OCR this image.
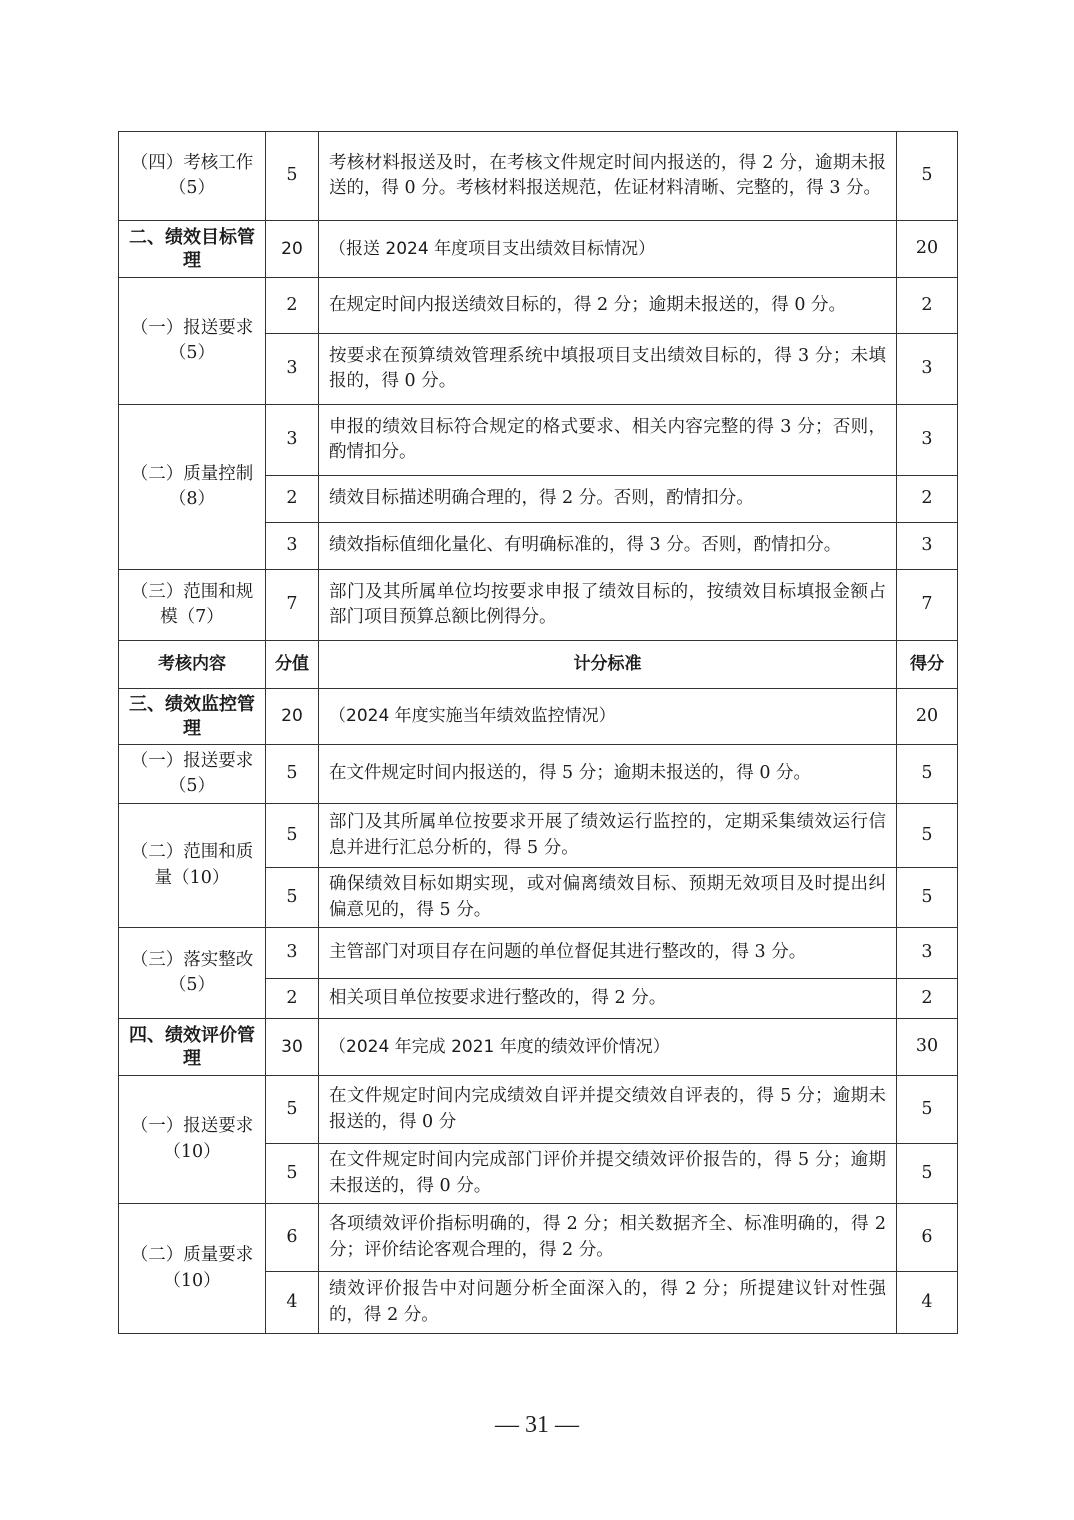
（四）考核工作（5）	5	考核材料报送及时，在考核文件规定时间内报送的，得 2 分，逾期未报送的，得 0 分。考核材料报送规范，佐证材料清晰、完整的，得 3 分。	5
二、绩效目标管理	20	（报送 2024 年度项目支出绩效目标情况）	20
（一）报送要求（5）	2	在规定时间内报送绩效目标的，得 2 分；逾期未报送的，得 0 分。	2
	3	按要求在预算绩效管理系统中填报项目支出绩效目标的，得 3 分；未填报的，得 0 分。	3
（二）质量控制（8）	3	申报的绩效目标符合规定的格式要求、相关内容完整的得 3 分；否则，酌情扣分。	3
	2	绩效目标描述明确合理的，得 2 分。否则，酌情扣分。	2
	3	绩效指标值细化量化、有明确标准的，得 3 分。否则，酌情扣分。	3
（三）范围和规模（7）	7	部门及其所属单位均按要求申报了绩效目标的，按绩效目标填报金额占部门项目预算总额比例得分。	7
考核内容	分值	计分标准	得分
三、绩效监控管理	20	（2024 年度实施当年绩效监控情况）	20
（一）报送要求（5）	5	在文件规定时间内报送的，得 5 分；逾期未报送的，得 0 分。	5
（二）范围和质量（10）	5	部门及其所属单位按要求开展了绩效运行监控的，定期采集绩效运行信息并进行汇总分析的，得 5 分。	5
	5	确保绩效目标如期实现，或对偏离绩效目标、预期无效项目及时提出纠偏意见的，得 5 分。	5
（三）落实整改（5）	3	主管部门对项目存在问题的单位督促其进行整改的，得 3 分。	3
	2	相关项目单位按要求进行整改的，得 2 分。	2
四、绩效评价管理	30	（2024 年完成 2021 年度的绩效评价情况）	30
（一）报送要求（10）	5	在文件规定时间内完成绩效自评并提交绩效自评表的，得 5 分；逾期未报送的，得 0 分	5
	5	在文件规定时间内完成部门评价并提交绩效评价报告的，得 5 分；逾期未报送的，得 0 分。	5
（二）质量要求（10）	6	各项绩效评价指标明确的，得 2 分；相关数据齐全、标准明确的，得 2 分；评价结论客观合理的，得 2 分。	6
	4	绩效评价报告中对问题分析全面深入的，得 2 分；所提建议针对性强的，得 2 分。	4
— 31 —
